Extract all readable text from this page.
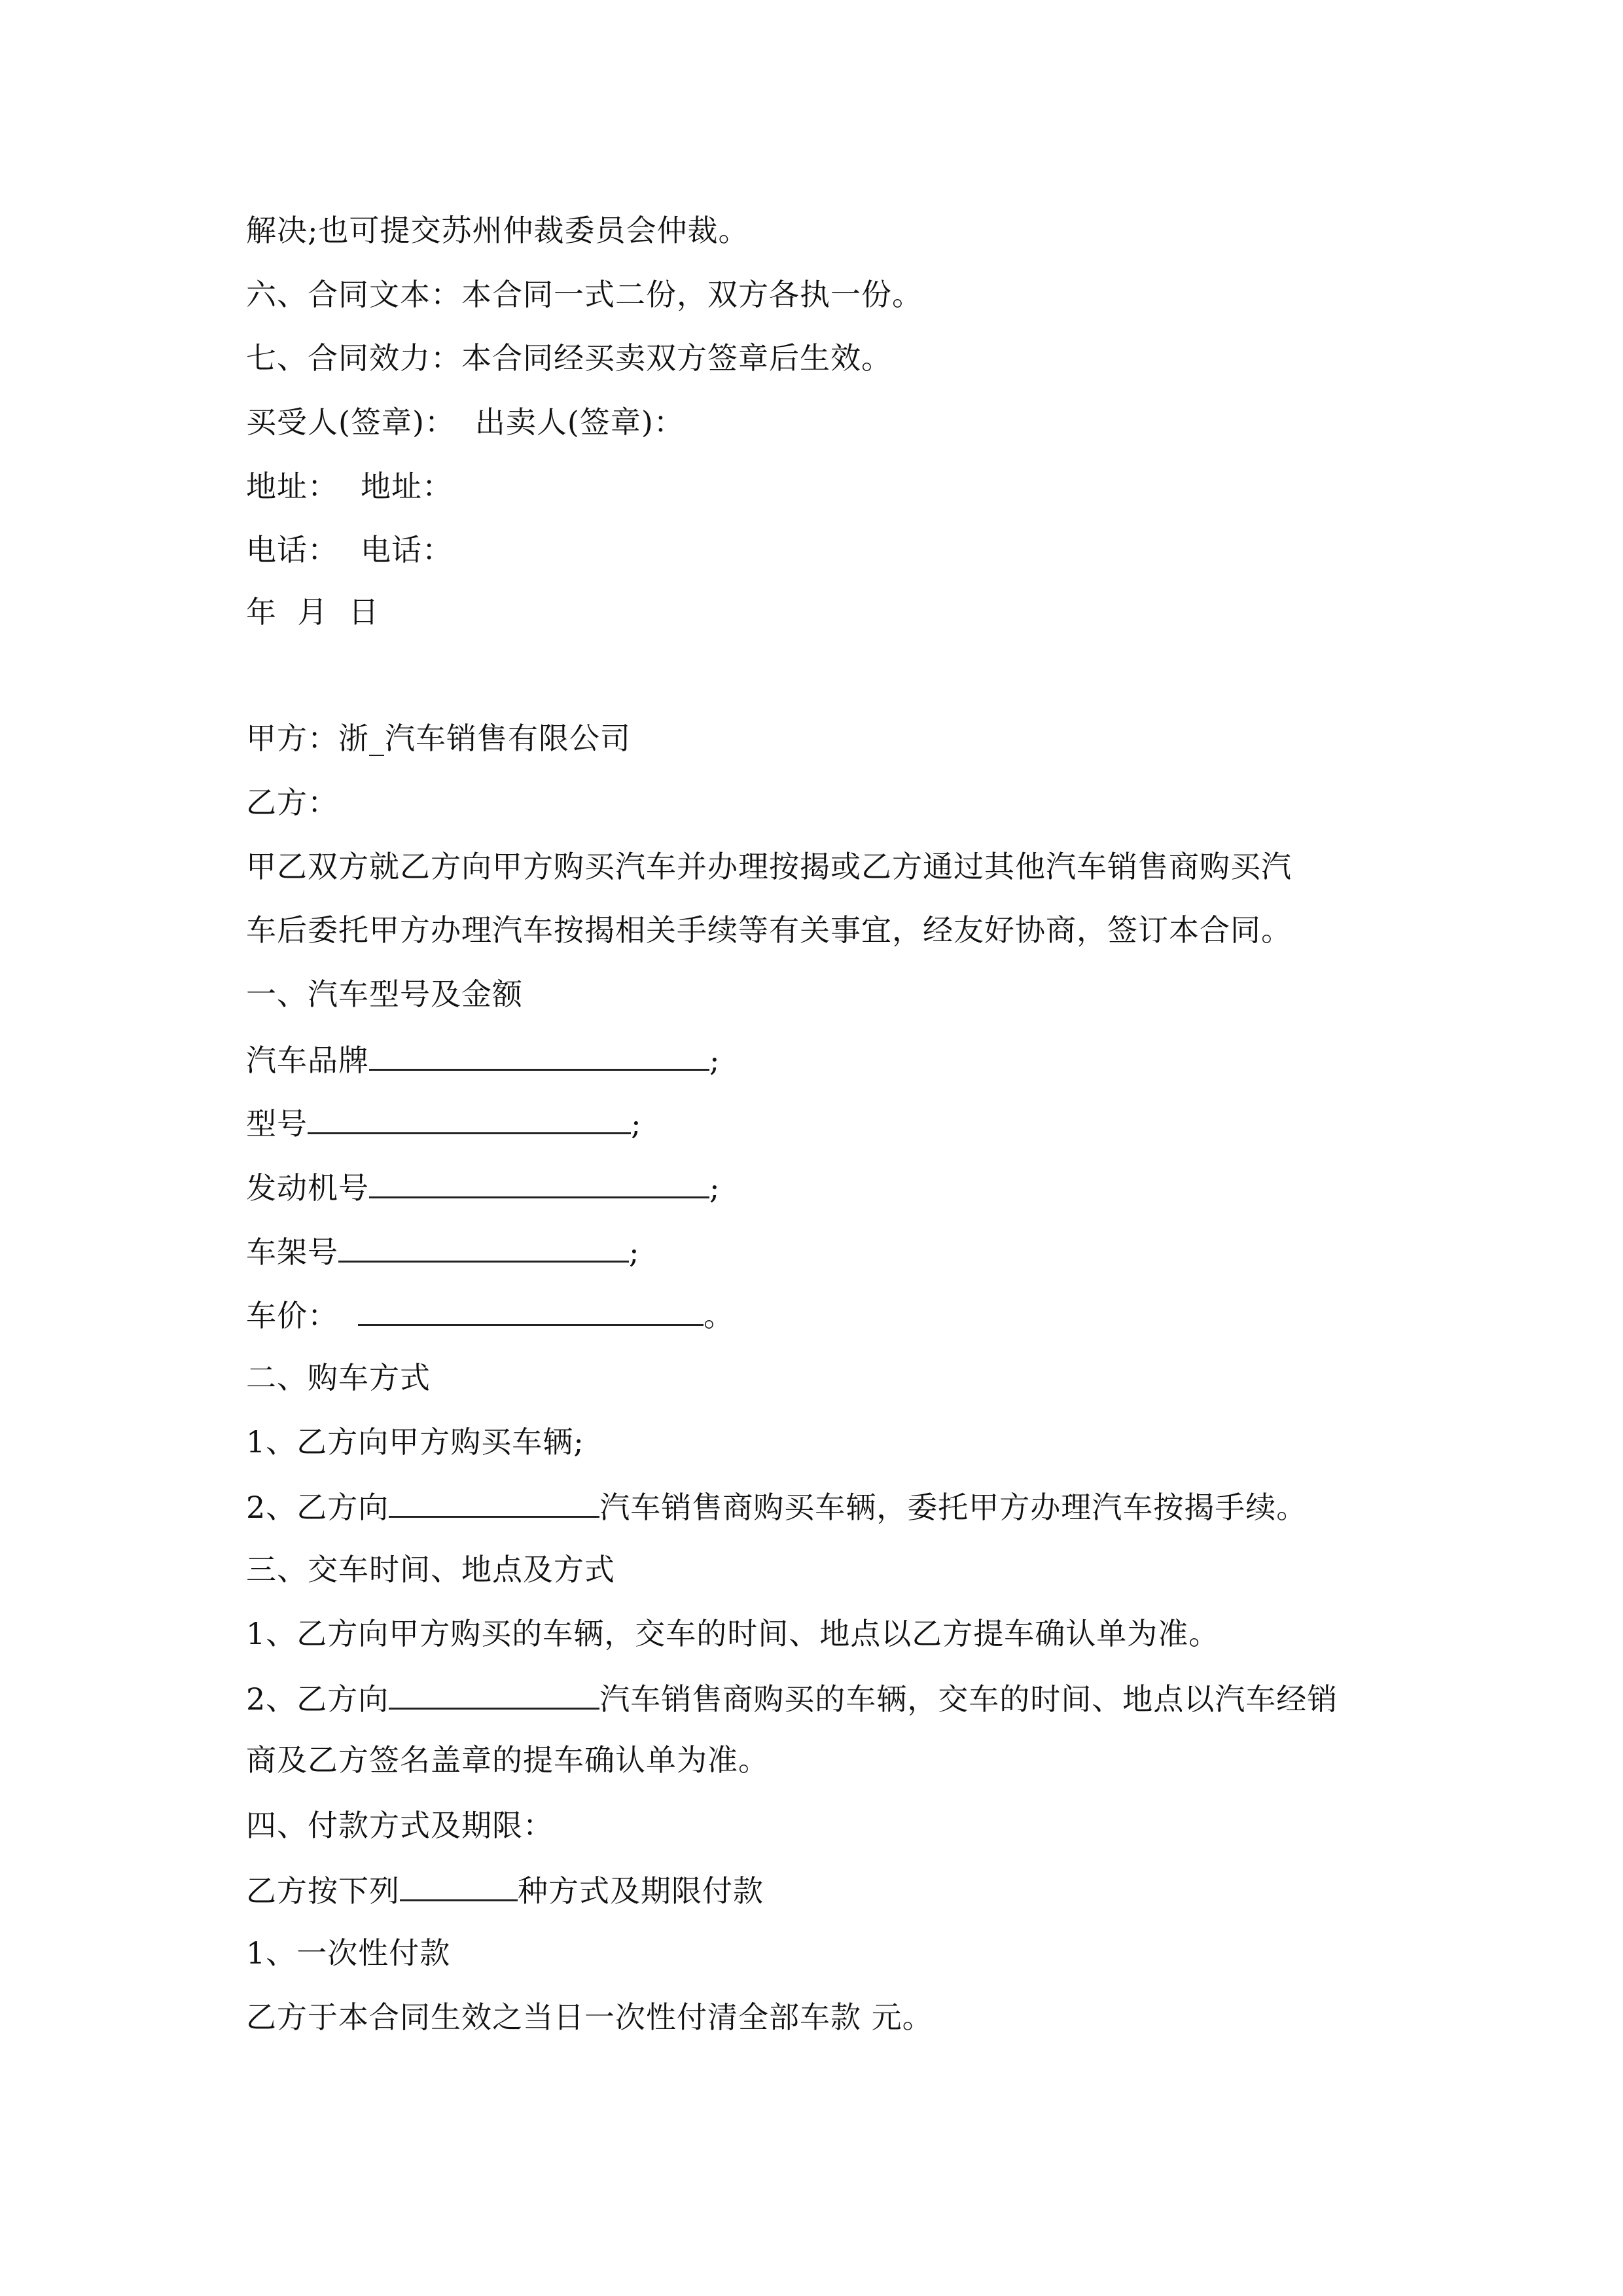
解决;也可提交苏州仲裁委员会仲裁。
六、合同文本：本合同一式二份，双方各执一份。
七、合同效力：本合同经买卖双方签章后生效。
买受人(签章)： 出卖人(签章)：
地址： 地址：
电话： 电话：
年  月  日
甲方：浙_汽车销售有限公司
乙方：
甲乙双方就乙方向甲方购买汽车并办理按揭或乙方通过其他汽车销售商购买汽
车后委托甲方办理汽车按揭相关手续等有关事宜，经友好协商，签订本合同。
一、汽车型号及金额
汽车品牌	;
型号	;
发动机号	;
车架号	;
车价：	。
二、购车方式
1、乙方向甲方购买车辆;
2、乙方向	汽车销售商购买车辆，委托甲方办理汽车按揭手续。
三、交车时间、地点及方式
1、乙方向甲方购买的车辆，交车的时间、地点以乙方提车确认单为准。
2、乙方向	汽车销售商购买的车辆，交车的时间、地点以汽车经销
商及乙方签名盖章的提车确认单为准。
四、付款方式及期限：
乙方按下列	种方式及期限付款
1、一次性付款
乙方于本合同生效之当日一次性付清全部车款 元。
